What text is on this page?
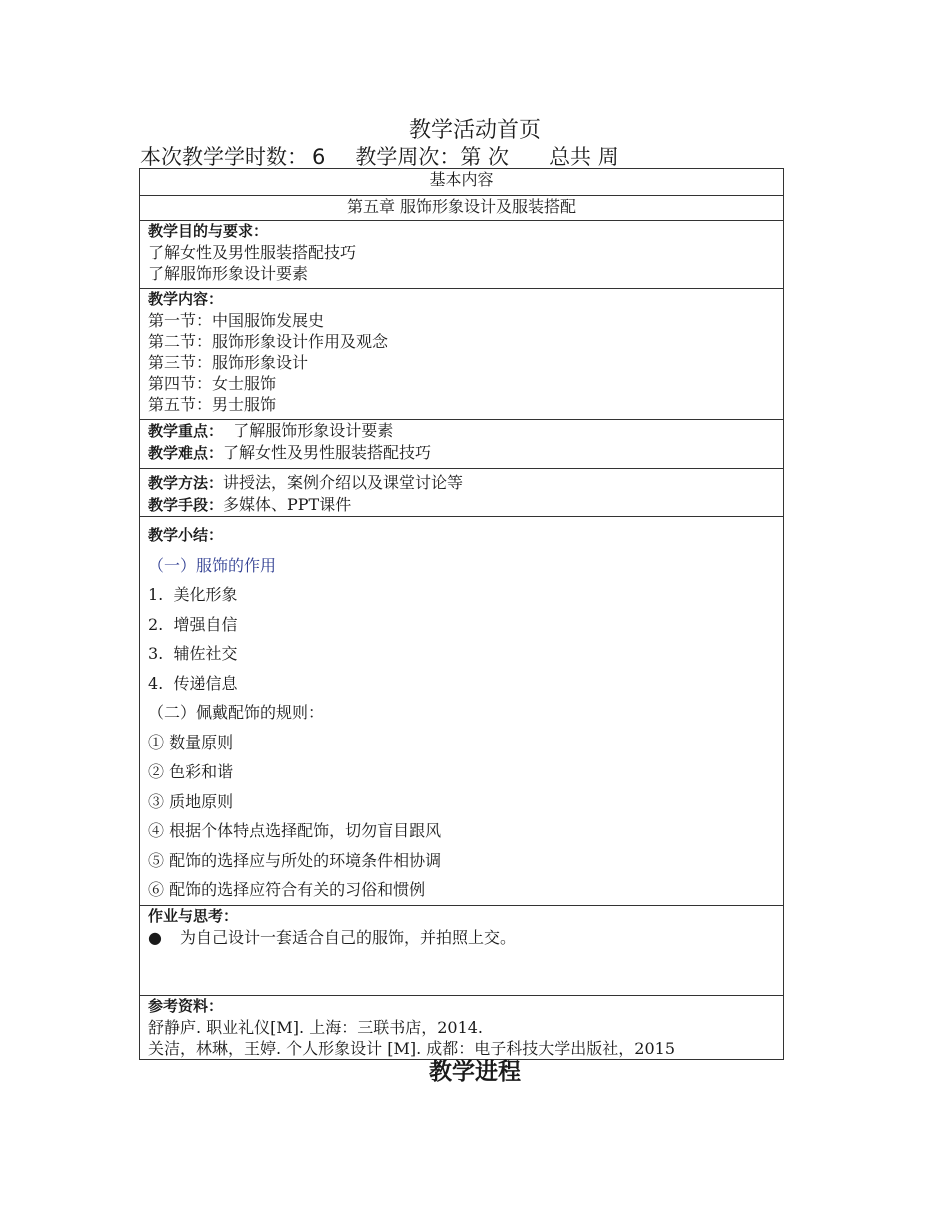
教学活动首页
本次教学学时数： 6 教学周次：第 次 总共 周
基本内容
第五章 服饰形象设计及服装搭配

教学目的与要求：
了解女性及男性服装搭配技巧
了解服饰形象设计要素

教学内容：
第一节：中国服饰发展史
第二节：服饰形象设计作用及观念
第三节：服饰形象设计
第四节：女士服饰
第五节：男士服饰

教学重点：  了解服饰形象设计要素
教学难点：了解女性及男性服装搭配技巧

教学方法：讲授法，案例介绍以及课堂讨论等
教学手段：多媒体、PPT课件

教学小结：
（一）服饰的作用
1.  美化形象
2.  增强自信
3.  辅佐社交
4.  传递信息
（二）佩戴配饰的规则：
① 数量原则
② 色彩和谐
③ 质地原则
④ 根据个体特点选择配饰，切勿盲目跟风
⑤ 配饰的选择应与所处的环境条件相协调
⑥ 配饰的选择应符合有关的习俗和惯例

作业与思考：
● 为自己设计一套适合自己的服饰，并拍照上交。

参考资料：
舒静庐. 职业礼仪[M]. 上海：三联书店，2014.
关洁，林琳，王婷. 个人形象设计 [M]. 成都：电子科技大学出版社，2015
教学进程
